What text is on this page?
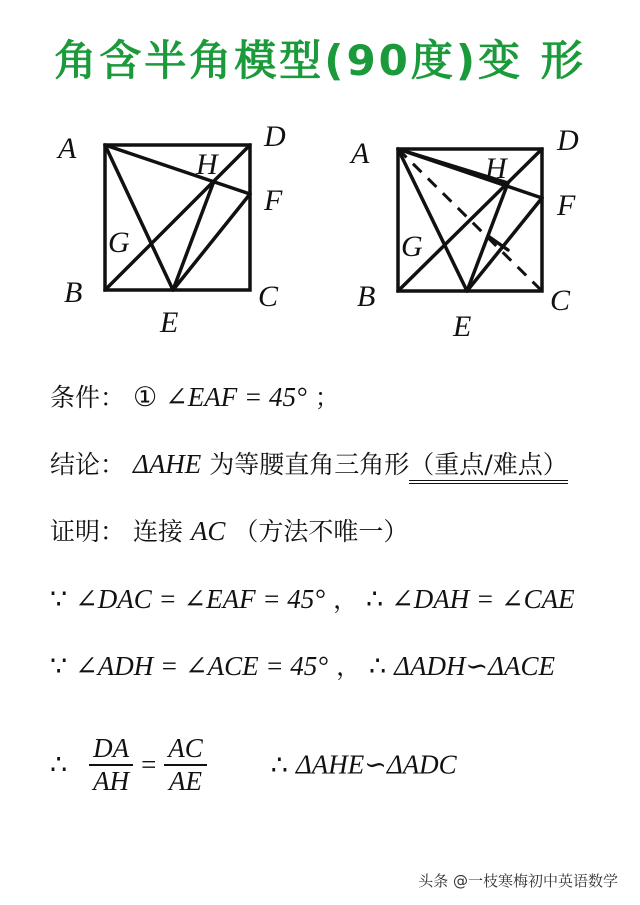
角含半角模型(90度)变 形
A	D
H
F
G
B	C
E
A	D
H
F
G
B	C
E
条件： ① ∠EAF = 45° ；
结论： ΔAHE 为等腰直角三角形（重点/难点）
证明： 连接 AC （方法不唯一）
∵ ∠DAC = ∠EAF = 45° ， ∴ ∠DAH = ∠CAE
∵ ∠ADH = ∠ACE = 45° ， ∴ ΔADH∽ΔACE
∴ $\frac{DA}{AH} = \frac{AC}{AE}$ ∴ ΔAHE∽ΔADC
头条 @一枝寒梅初中英语数学
